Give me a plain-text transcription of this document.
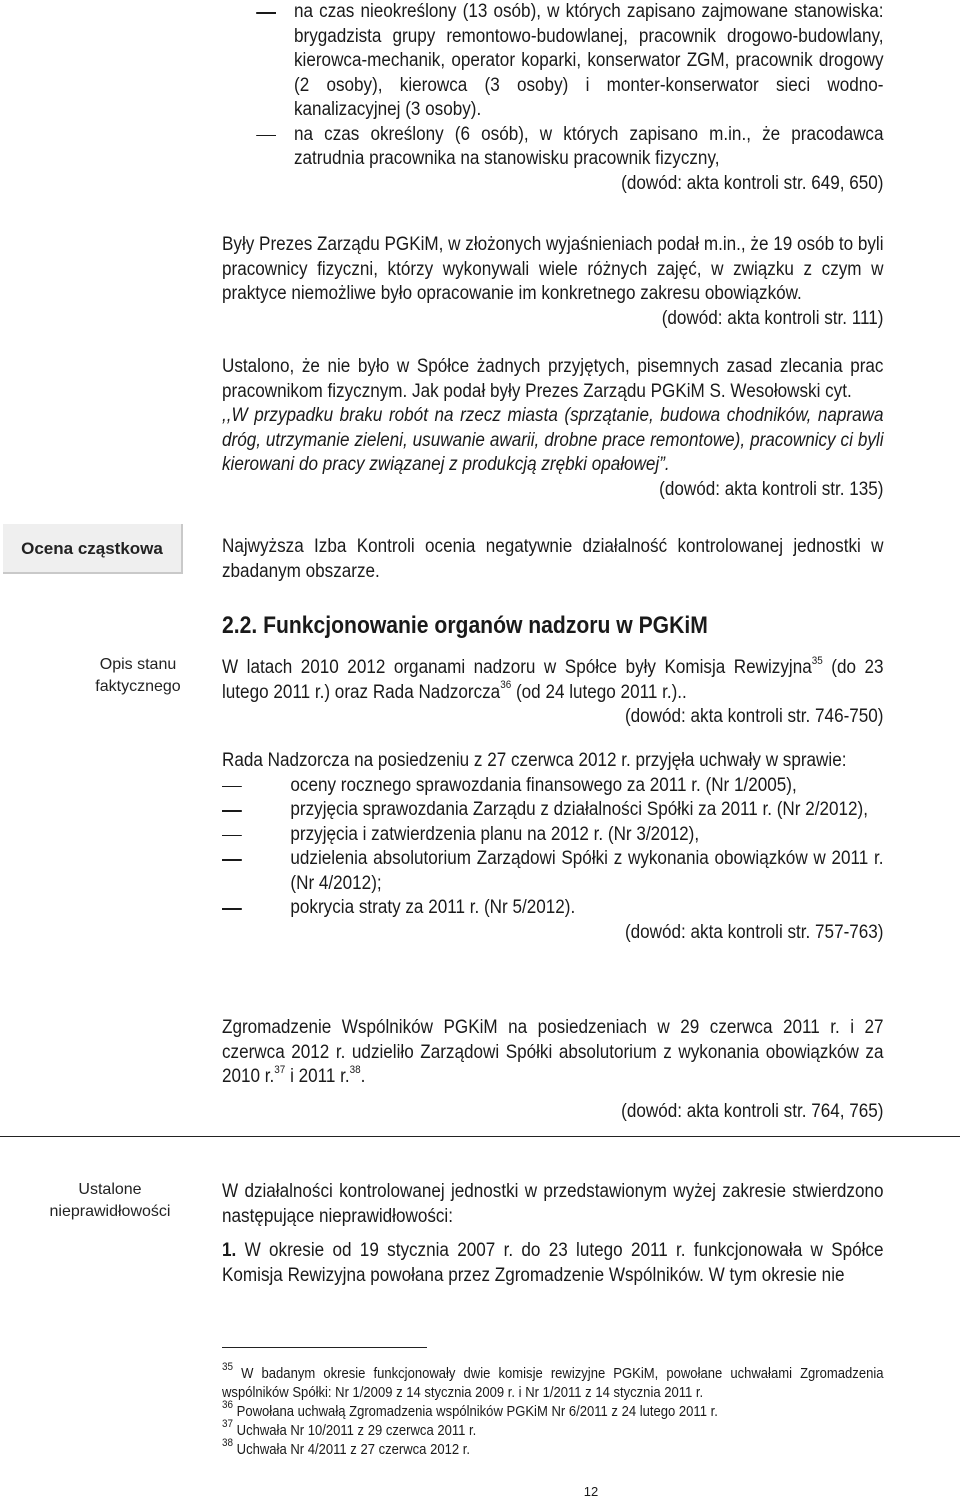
na czas nieokreślony (13 osób), w których zapisano zajmowane stanowiska: brygadzista grupy remontowo-budowlanej, pracownik drogowo-budowlany, kierowca-mechanik, operator koparki, konserwator ZGM, pracownik drogowy (2 osoby), kierowca (3 osoby) i monter-konserwator sieci wodno-kanalizacyjnej (3 osoby).
na czas określony (6 osób), w których zapisano m.in., że pracodawca zatrudnia pracownika na stanowisku pracownik fizyczny,

(dowód: akta kontroli str. 649, 650)

Były Prezes Zarządu PGKiM, w złożonych wyjaśnieniach podał m.in., że 19 osób to byli pracownicy fizyczni, którzy wykonywali wiele różnych zajęć, w związku z czym w praktyce niemożliwe było opracowanie im konkretnego zakresu obowiązków.

(dowód: akta kontroli str. 111)

Ustalono, że nie było w Spółce żadnych przyjętych, pisemnych zasad zlecania prac pracownikom fizycznym. Jak podał były Prezes Zarządu PGKiM S. Wesołowski cyt.

,,W przypadku braku robót na rzecz miasta (sprzątanie, budowa chodników, naprawa dróg, utrzymanie zieleni, usuwanie awarii, drobne prace remontowe), pracownicy ci byli kierowani do pracy związanej z produkcją zrębki opałowej”.

(dowód: akta kontroli str. 135)

Ocena cząstkowa	Najwyższa Izba Kontroli ocenia negatywnie działalność kontrolowanej jednostki w zbadanym obszarze.

2.2. Funkcjonowanie organów nadzoru w PGKiM
Opis stanu
faktycznego

W latach 2010 2012 organami nadzoru w Spółce były Komisja Rewizyjna$^{35}$ (do 23 lutego 2011 r.) oraz Rada Nadzorcza$^{36}$ (od 24 lutego 2011 r.)..

(dowód: akta kontroli str. 746-750)

Rada Nadzorcza na posiedzeniu z 27 czerwca 2012 r. przyjęła uchwały w sprawie:

oceny rocznego sprawozdania finansowego za 2011 r. (Nr 1/2005),
przyjęcia sprawozdania Zarządu z działalności Spółki za 2011 r. (Nr 2/2012),
przyjęcia i zatwierdzenia planu na 2012 r. (Nr 3/2012),
udzielenia absolutorium Zarządowi Spółki z wykonania obowiązków w 2011 r. (Nr 4/2012);
pokrycia straty za 2011 r. (Nr 5/2012).

(dowód: akta kontroli str. 757-763)

Zgromadzenie Wspólników PGKiM na posiedzeniach w 29 czerwca 2011 r. i 27 czerwca 2012 r. udzieliło Zarządowi Spółki absolutorium z wykonania obowiązków za 2010 r.$^{37}$ i 2011 r.$^{38}$.

(dowód: akta kontroli str. 764, 765)

Ustalone
nieprawidłowości

W działalności kontrolowanej jednostki w przedstawionym wyżej zakresie stwierdzono następujące nieprawidłowości:

1. W okresie od 19 stycznia 2007 r. do 23 lutego 2011 r. funkcjonowała w Spółce Komisja Rewizyjna powołana przez Zgromadzenie Wspólników. W tym okresie nie

$^{35}$ W badanym okresie funkcjonowały dwie komisje rewizyjne PGKiM, powołane uchwałami Zgromadzenia wspólników Spółki: Nr 1/2009 z 14 stycznia 2009 r. i Nr 1/2011 z 14 stycznia 2011 r.

$^{36}$ Powołana uchwałą Zgromadzenia wspólników PGKiM Nr 6/2011 z 24 lutego 2011 r.

$^{37}$ Uchwała Nr 10/2011 z 29 czerwca 2011 r.

$^{38}$ Uchwała Nr 4/2011 z 27 czerwca 2012 r.

12
